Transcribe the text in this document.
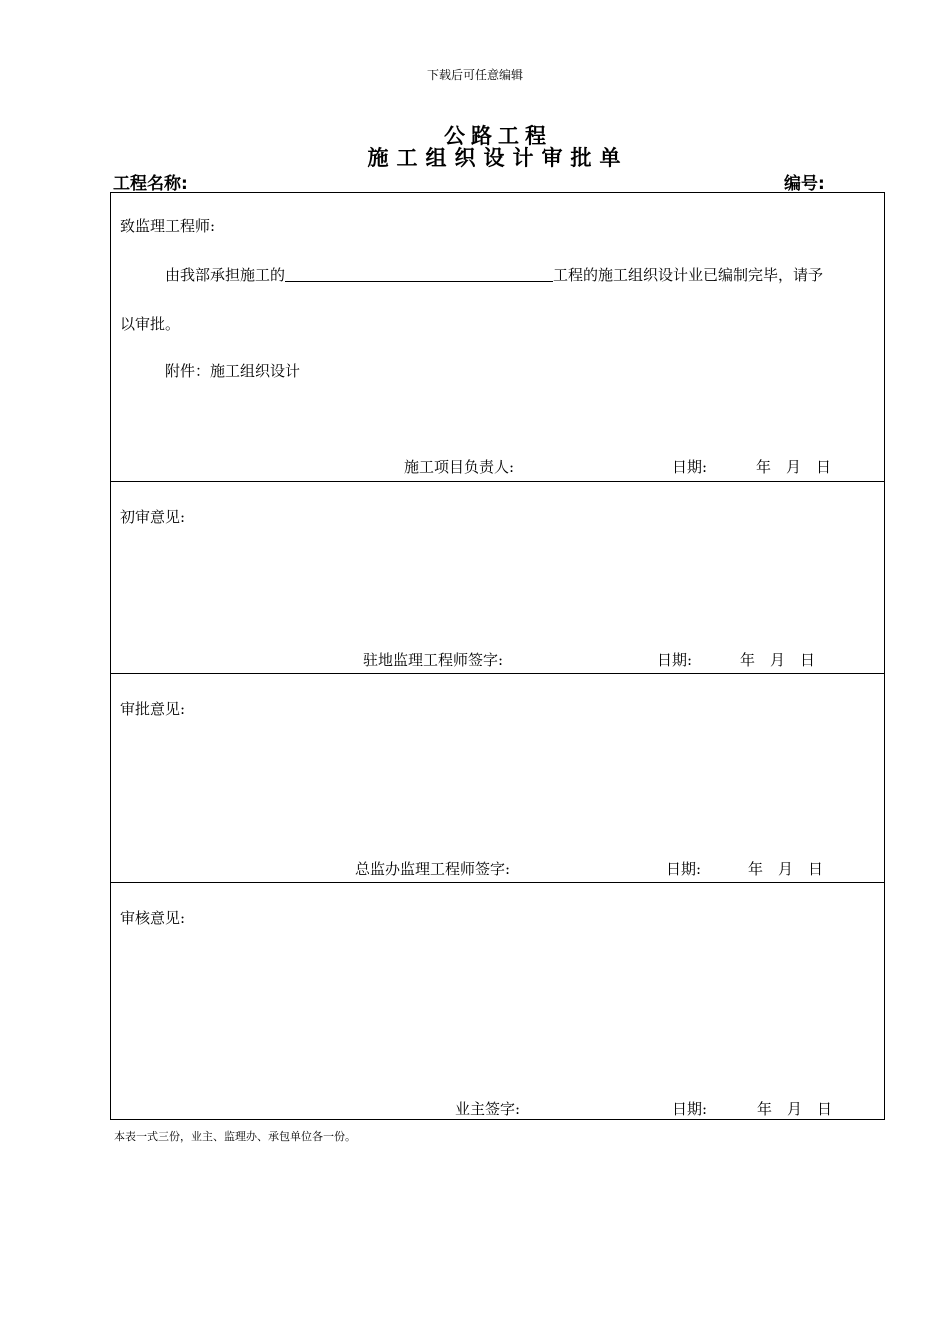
下载后可任意编辑
公路工程
施工组织设计审批单
工程名称:	编号:
致监理工程师:
由我部承担施工的	工程的施工组织设计业已编制完毕，请予
以审批。
附件：施工组织设计
施工项目负责人:	日期:	年　月　日
初审意见:
驻地监理工程师签字:	日期:	年　月　日
审批意见:
总监办监理工程师签字:	日期:	年　月　日
审核意见:
业主签字:	日期:	年　月　日
本表一式三份，业主、监理办、承包单位各一份。
